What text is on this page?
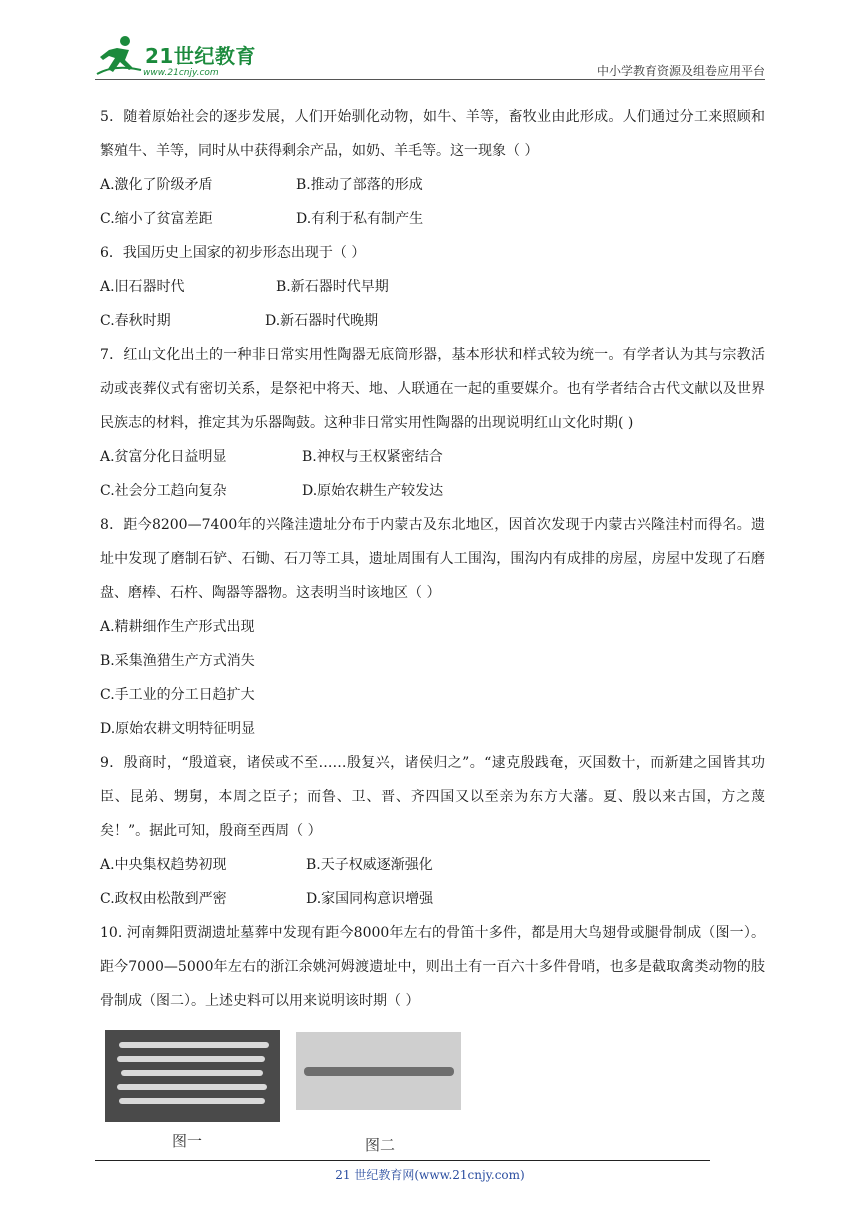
21世纪教育
www.21cnjy.com	中小学教育资源及组卷应用平台

5．随着原始社会的逐步发展，人们开始驯化动物，如牛、羊等，畜牧业由此形成。人们通过分工来照顾和繁殖牛、羊等，同时从中获得剩余产品，如奶、羊毛等。这一现象（ ）

A.激化了阶级矛盾	B.推动了部落的形成
C.缩小了贫富差距	D.有利于私有制产生

6．我国历史上国家的初步形态出现于（ ）

A.旧石器时代	B.新石器时代早期
C.春秋时期	D.新石器时代晚期

7．红山文化出土的一种非日常实用性陶器无底筒形器，基本形状和样式较为统一。有学者认为其与宗教活动或丧葬仪式有密切关系，是祭祀中将天、地、人联通在一起的重要媒介。也有学者结合古代文献以及世界民族志的材料，推定其为乐器陶鼓。这种非日常实用性陶器的出现说明红山文化时期( )

A.贫富分化日益明显	B.神权与王权紧密结合
C.社会分工趋向复杂	D.原始农耕生产较发达

8．距今8200—7400年的兴隆洼遗址分布于内蒙古及东北地区，因首次发现于内蒙古兴隆洼村而得名。遗址中发现了磨制石铲、石锄、石刀等工具，遗址周围有人工围沟，围沟内有成排的房屋，房屋中发现了石磨盘、磨棒、石杵、陶器等器物。这表明当时该地区（ ）

A.精耕细作生产形式出现

B.采集渔猎生产方式消失

C.手工业的分工日趋扩大

D.原始农耕文明特征明显

9．殷商时，“殷道衰，诸侯或不至……殷复兴，诸侯归之”。“逮克殷践奄，灭国数十，而新建之国皆其功臣、昆弟、甥舅，本周之臣子；而鲁、卫、晋、齐四国又以至亲为东方大藩。夏、殷以来古国，方之蔑矣！”。据此可知，殷商至西周（ ）

A.中央集权趋势初现	B.天子权威逐渐强化
C.政权由松散到严密	D.家国同构意识增强

10. 河南舞阳贾湖遗址墓葬中发现有距今8000年左右的骨笛十多件，都是用大鸟翅骨或腿骨制成（图一）。距今7000—5000年左右的浙江余姚河姆渡遗址中，则出土有一百六十多件骨哨，也多是截取禽类动物的肢骨制成（图二）。上述史料可以用来说明该时期（ ）

图一	图二
21 世纪教育网(www.21cnjy.com)
